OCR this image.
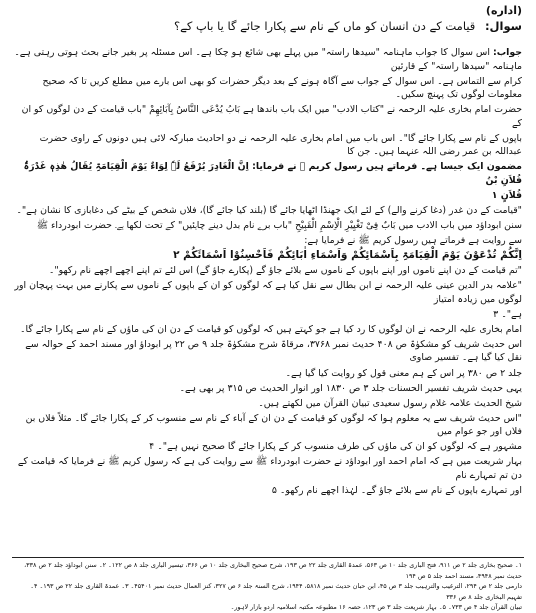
(اداره)
سوال: قیامت کے دن انسان کو ماں کے نام سے پکارا جائے گا یا باپ کے؟

جواب: اس سوال کا جواب ماہنامہ "سیدھا راستہ" میں پہلے بھی شائع ہو چکا ہے۔ اس مسئلہ پر بغیر جانے بحث ہوتی رہتی ہے۔ ماہنامہ "سیدھا راستہ" کے قارئین

کرام سے التماس ہے۔ اس سوال کے جواب سے آگاہ ہونے کے بعد دیگر حضرات کو بھی اس بارے میں مطلع کریں تا کہ صحیح معلومات لوگوں تک پہنچ سکیں۔

حضرت امام بخاری علیہ الرحمہ نے "کتاب الادب" میں ایک باب باندھا ہے بَابُ یُدْعَی النَّاسُ بِآبَائِھِمْ "باب قیامت کے دن لوگوں کو ان کے

باپوں کے نام سے پکارا جائے گا"۔ اس باب میں امام بخاری علیہ الرحمہ نے دو احادیث مبارکہ لائی ہیں دونوں کے راوی حضرت عبداللہ بن عمر رضی اللہ عنہما ہیں۔ جن کا

مضمون ایک جیسا ہے۔ فرماتے ہیں رسول کریم ﷺ نے فرمایا: اِنَّ الْغَادِرَ یُرْفَعُ لَہٗ لِوَاءٌ یَوْمَ الْقِیَامَۃِ یُقَالُ ھٰذِہٖ غَدْرَۃُ فُلاَنِ بْنُ

فُلاَنٍ ۱

"قیامت کے دن غدر (دغا کرنے والے) کے لئے ایک جھنڈا اٹھایا جائے گا (بلند کیا جائے گا)، فلاں شخص کے بیٹے کی دغابازی کا نشان ہے"۔

سنن ابوداؤد میں باب الادب میں بَابٌ فِیْ تَغْیِیْرِ الْاِسْمِ الْقَبِیْحِ "باب برے نام بدل دینے چاہئیں" کے تحت لکھا ہے۔ حضرت ابودرداء ﷺ

سے روایت ہے فرماتے ہیں رسول کریم ﷺ نے فرمایا ہے:

اِنَّکُمْ تُدْعَوْنَ یَوْمَ الْقِیَامَۃِ بِاَسْمَائِکُمْ وَاَسْمَاءِ اٰبَائِکُمْ فَاَحْسِنُوْا اَسْمَائَکُمْ ۲

"تم قیامت کے دن اپنے ناموں اور اپنے باپوں کے ناموں سے بلائے جاؤ گے (پکارے جاؤ گے) اس لئے تم اپنے اچھے اچھے نام رکھو"۔

"علامہ بدر الدین عینی علیہ الرحمہ نے ابن بطال سے نقل کیا ہے کہ لوگوں کو ان کے باپوں کے ناموں سے پکارنے میں بہت پہچان اور لوگوں میں زیادہ امتیاز

ہے"۔ ۳

امام بخاری علیہ الرحمہ نے ان لوگوں کا رد کیا ہے جو کہتے ہیں کہ لوگوں کو قیامت کے دن ان کی ماؤں کے نام سے پکارا جائے گا۔

اس حدیث شریف کو مشکوٰۃ ص ۴۰۸ حدیث نمبر ۳۷۶۸، مرقاۃ شرح مشکوٰۃ جلد ۹ ص ۲۲ پر ابوداؤ اور مسند احمد کے حوالہ سے نقل کیا گیا ہے۔ تفسیر صاوی

جلد ۲ ص ۳۸۰ پر اس کے ہم معنی قول کو روایت کیا گیا ہے۔

یہی حدیث شریف تفسیر الحسنات جلد ۳ ص ۱۸۳۰ اور انوار الحدیث ص ۳۱۵ پر بھی ہے۔

شیخ الحدیث علامہ غلام رسول سعیدی تبیان القرآن میں لکھتے ہیں۔

"اس حدیث شریف سے یہ معلوم ہوا کہ لوگوں کو قیامت کے دن ان کے آباء کے نام سے منسوب کر کے پکارا جائے گا۔ مثلاً فلاں بن فلاں اور جو عوام میں

مشہور ہے کہ لوگوں کو ان کی ماؤں کی طرف منسوب کر کے پکارا جائے گا صحیح نہیں ہے"۔ ۴

بہار شریعت میں ہے کہ امام احمد اور ابوداؤد نے حضرت ابودرداء ﷺ سے روایت کی ہے کہ رسول کریم ﷺ نے فرمایا کہ قیامت کے دن تم تمہارے نام

اور تمہارے باپوں کے نام سے بلائے جاؤ گے۔ لہٰذا اچھے نام رکھو۔ ۵

۱۔ صحیح بخاری جلد ۲ ص ۹۱۱، فتح الباری جلد ۱۰ ص ۵۶۳، عمدۃ القاری جلد ۲۲ ص ۱۹۳، شرح صحیح البخاری جلد ۱۰ ص ۳۶۶، تیسیر الباری جلد ۸ ص ۱۲۲۔ ۲۔ سنن ابوداؤد جلد ۲ ص ۳۳۸، حدیث نمبر ۴۹۴۸، مسند احمد جلد ۵ ص ۱۹۴

دارمی جلد ۲ ص ۲۹۴، الترغیب والترہیب جلد ۳ ص ۴۵، ابن حبان حدیث نمبر ۵۸۱۸، ۱۹۴۴، شرح السنۃ جلد ۶ ص ۳۲۷، کنز العمال حدیث نمبر ۴۵۴۰۱۔ ۳۔ عمدۃ القاری جلد ۲۲ ص ۱۹۳۔ ۴۔ تفہیم البخاری جلد ۸ ص ۳۳۶

تبیان القرآن جلد ۴ ص ۷۳۳۔ ۵۔ بہار شریعت جلد ۳ ص ۱۲۳، حصہ ۱۶ مطبوعہ مکتبہ اسلامیہ اردو بازار لاہور۔
